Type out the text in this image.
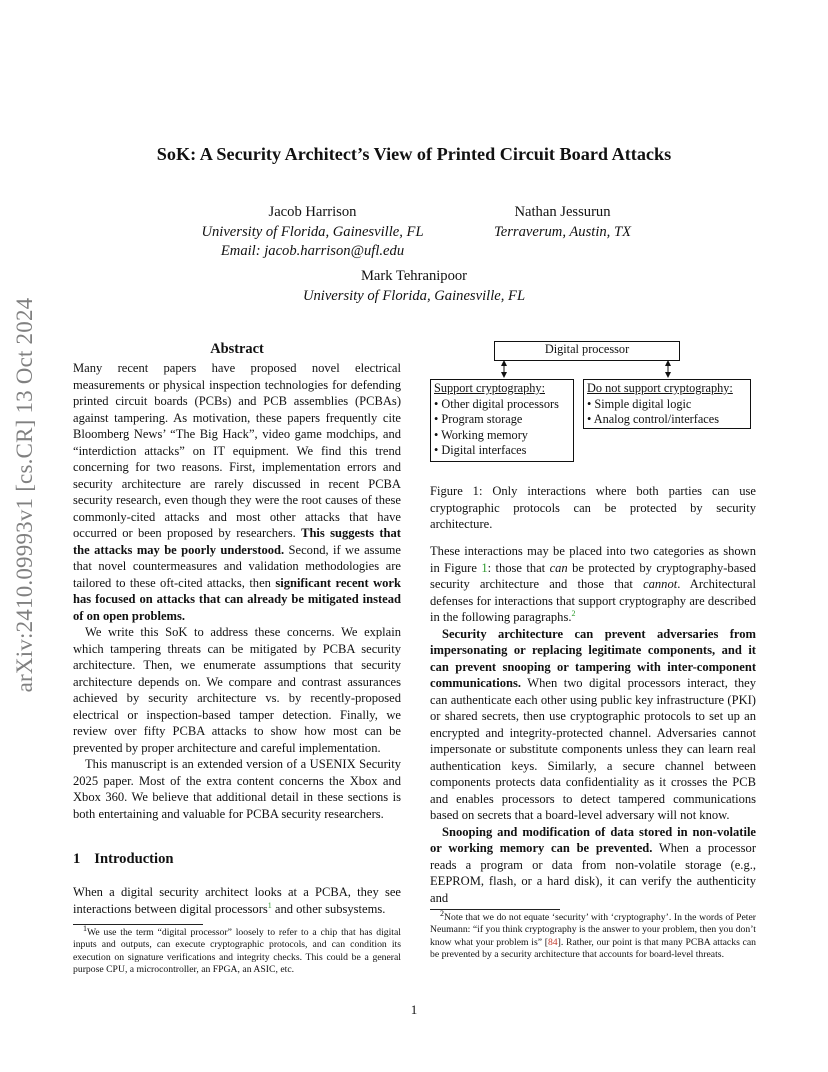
arXiv:2410.09993v1 [cs.CR] 13 Oct 2024
SoK: A Security Architect’s View of Printed Circuit Board Attacks
Jacob Harrison
University of Florida, Gainesville, FL
Email: jacob.harrison@ufl.edu
Nathan Jessurun
Terraverum, Austin, TX
Mark Tehranipoor
University of Florida, Gainesville, FL
Abstract

Many recent papers have proposed novel electrical measurements or physical inspection technologies for defending printed circuit boards (PCBs) and PCB assemblies (PCBAs) against tampering. As motivation, these papers frequently cite Bloomberg News’ “The Big Hack”, video game modchips, and “interdiction attacks” on IT equipment. We find this trend concerning for two reasons. First, implementation errors and security architecture are rarely discussed in recent PCBA security research, even though they were the root causes of these commonly-cited attacks and most other attacks that have occurred or been proposed by researchers. This suggests that the attacks may be poorly understood. Second, if we assume that novel countermeasures and validation methodologies are tailored to these oft-cited attacks, then significant recent work has focused on attacks that can already be mitigated instead of on open problems.

We write this SoK to address these concerns. We explain which tampering threats can be mitigated by PCBA security architecture. Then, we enumerate assumptions that security architecture depends on. We compare and contrast assurances achieved by security architecture vs. by recently-proposed electrical or inspection-based tamper detection. Finally, we review over fifty PCBA attacks to show how most can be prevented by proper architecture and careful implementation.

This manuscript is an extended version of a USENIX Security 2025 paper. Most of the extra content concerns the Xbox and Xbox 360. We believe that additional detail in these sections is both entertaining and valuable for PCBA security researchers.

1 Introduction
When a digital security architect looks at a PCBA, they see interactions between digital processors$^1$ and other subsystems.

$^1$We use the term “digital processor” loosely to refer to a chip that has digital inputs and outputs, can execute cryptographic protocols, and can condition its execution on signature verifications and integrity checks. This could be a general purpose CPU, a microcontroller, an FPGA, an ASIC, etc.

Digital processor
Support cryptography:
• Other digital processors
• Program storage
• Working memory
• Digital interfaces
Do not support cryptography:
• Simple digital logic
• Analog control/interfaces
Figure 1: Only interactions where both parties can use cryptographic protocols can be protected by security architecture.

These interactions may be placed into two categories as shown in Figure 1: those that can be protected by cryptography-based security architecture and those that cannot. Architectural defenses for interactions that support cryptography are described in the following paragraphs.$^2$

Security architecture can prevent adversaries from impersonating or replacing legitimate components, and it can prevent snooping or tampering with inter-component communications. When two digital processors interact, they can authenticate each other using public key infrastructure (PKI) or shared secrets, then use cryptographic protocols to set up an encrypted and integrity-protected channel. Adversaries cannot impersonate or substitute components unless they can learn real authentication keys. Similarly, a secure channel between components protects data confidentiality as it crosses the PCB and enables processors to detect tampered communications based on secrets that a board-level adversary will not know.

Snooping and modification of data stored in non-volatile or working memory can be prevented. When a processor reads a program or data from non-volatile storage (e.g., EEPROM, flash, or a hard disk), it can verify the authenticity and

$^2$Note that we do not equate ‘security’ with ‘cryptography’. In the words of Peter Neumann: “if you think cryptography is the answer to your problem, then you don’t know what your problem is” [84]. Rather, our point is that many PCBA attacks can be prevented by a security architecture that accounts for board-level threats.

1
